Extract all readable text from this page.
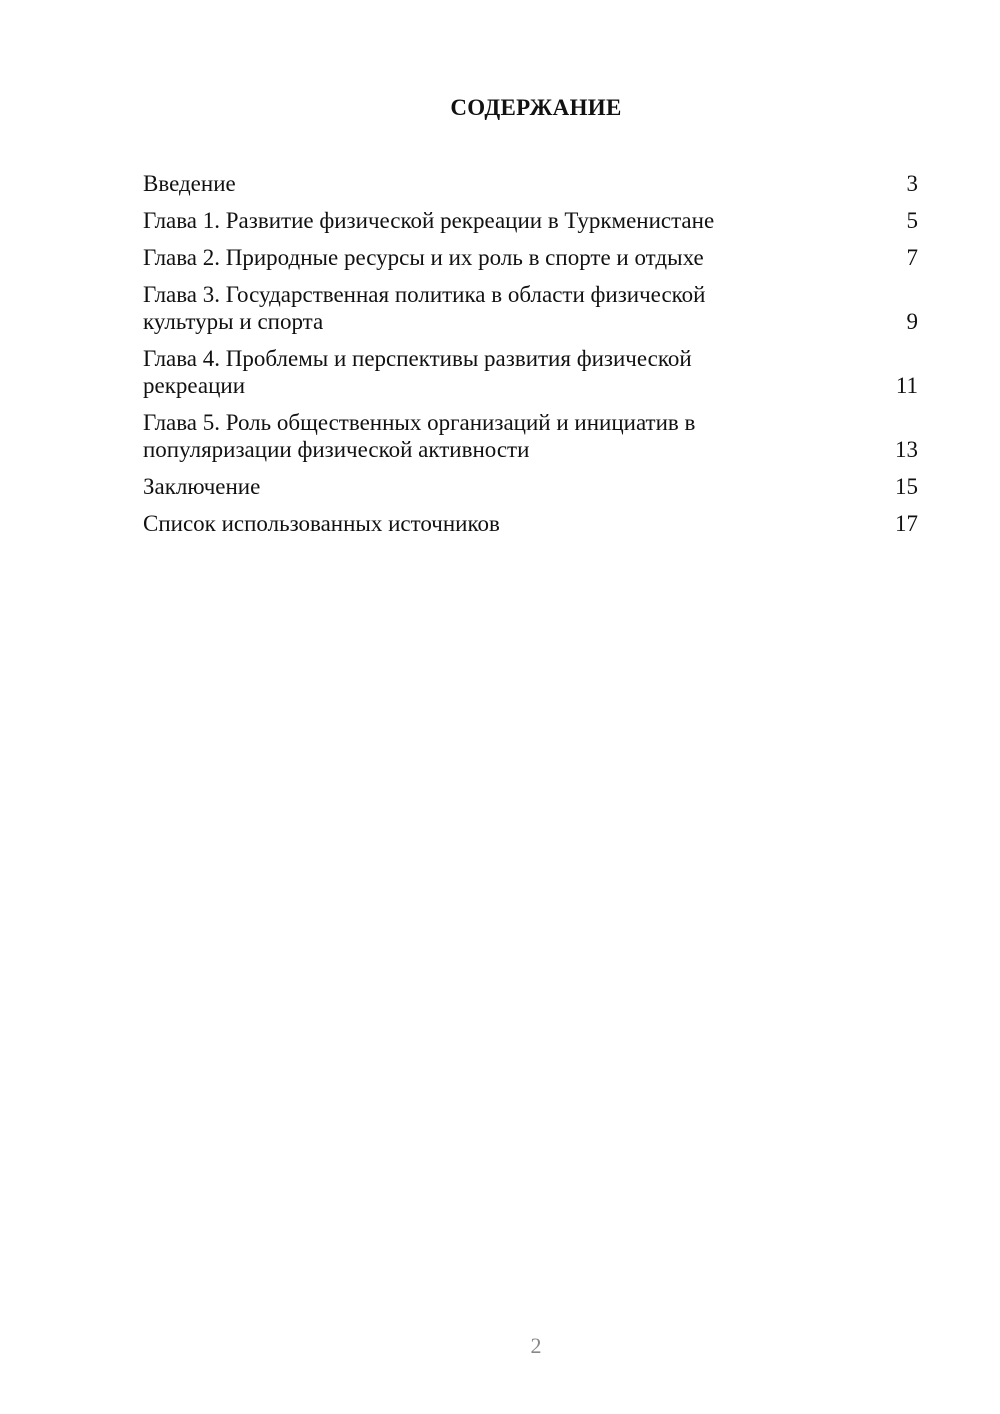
СОДЕРЖАНИЕ
Введение	3
Глава 1. Развитие физической рекреации в Туркменистане	5
Глава 2. Природные ресурсы и их роль в спорте и отдыхе	7
Глава 3. Государственная политика в области физической культуры и спорта	9
Глава 4. Проблемы и перспективы развития физической рекреации	11
Глава 5. Роль общественных организаций и инициатив в популяризации физической активности	13
Заключение	15
Список использованных источников	17
2
